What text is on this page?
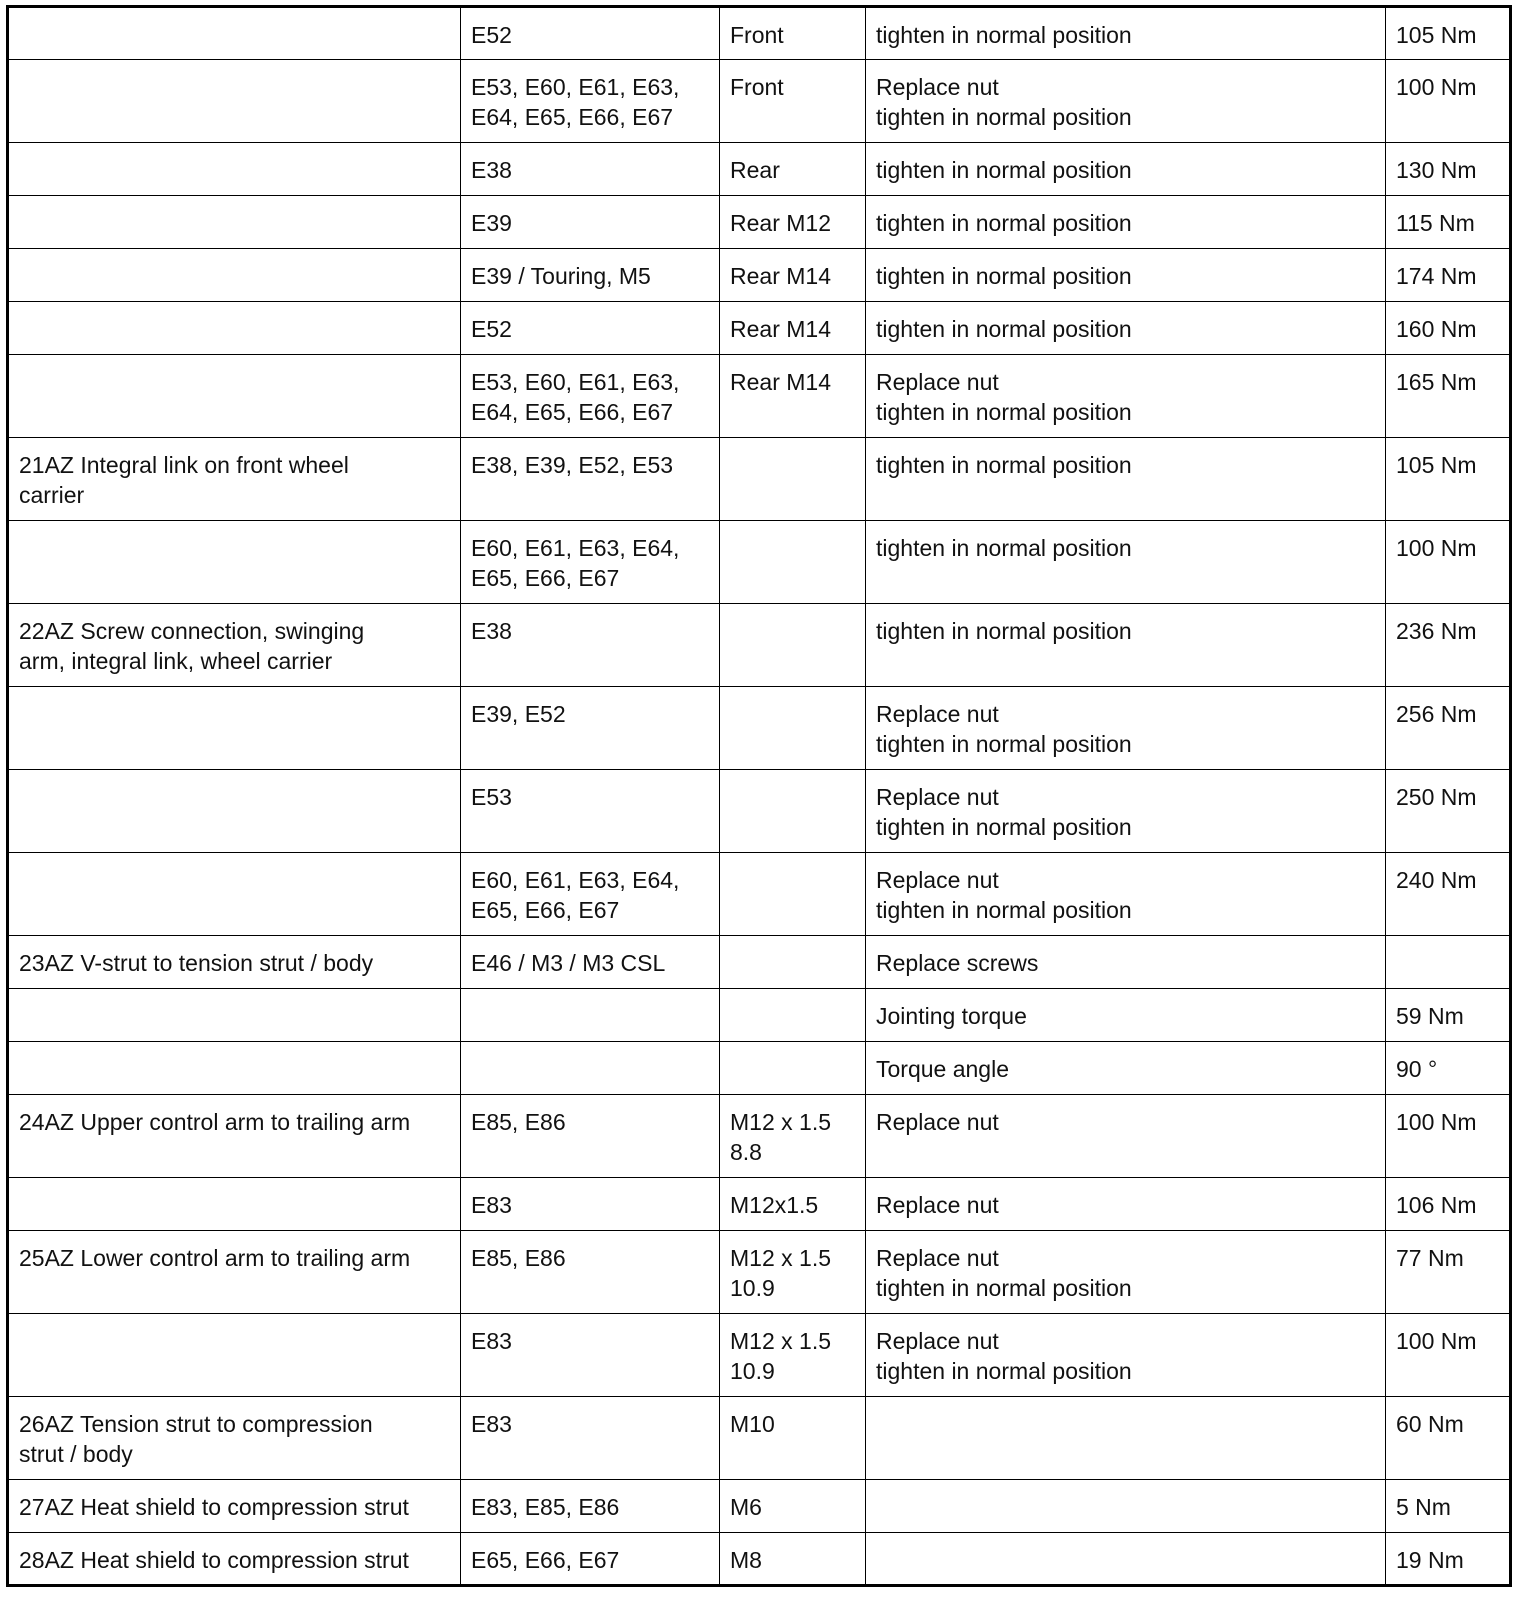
	E52	Front	tighten in normal position	105 Nm
	E53, E60, E61, E63,
E64, E65, E66, E67	Front	Replace nut
tighten in normal position	100 Nm
	E38	Rear	tighten in normal position	130 Nm
	E39	Rear M12	tighten in normal position	115 Nm
	E39 / Touring, M5	Rear M14	tighten in normal position	174 Nm
	E52	Rear M14	tighten in normal position	160 Nm
	E53, E60, E61, E63,
E64, E65, E66, E67	Rear M14	Replace nut
tighten in normal position	165 Nm
21AZ Integral link on front wheel
carrier	E38, E39, E52, E53		tighten in normal position	105 Nm
	E60, E61, E63, E64,
E65, E66, E67		tighten in normal position	100 Nm
22AZ Screw connection, swinging
arm, integral link, wheel carrier	E38		tighten in normal position	236 Nm
	E39, E52		Replace nut
tighten in normal position	256 Nm
	E53		Replace nut
tighten in normal position	250 Nm
	E60, E61, E63, E64,
E65, E66, E67		Replace nut
tighten in normal position	240 Nm
23AZ V-strut to tension strut / body	E46 / M3 / M3 CSL		Replace screws	
			Jointing torque	59 Nm
			Torque angle	90 °
24AZ Upper control arm to trailing arm	E85, E86	M12 x 1.5
8.8	Replace nut	100 Nm
	E83	M12x1.5	Replace nut	106 Nm
25AZ Lower control arm to trailing arm	E85, E86	M12 x 1.5
10.9	Replace nut
tighten in normal position	77 Nm
	E83	M12 x 1.5
10.9	Replace nut
tighten in normal position	100 Nm
26AZ Tension strut to compression
strut / body	E83	M10		60 Nm
27AZ Heat shield to compression strut	E83, E85, E86	M6		5 Nm
28AZ Heat shield to compression strut	E65, E66, E67	M8		19 Nm
